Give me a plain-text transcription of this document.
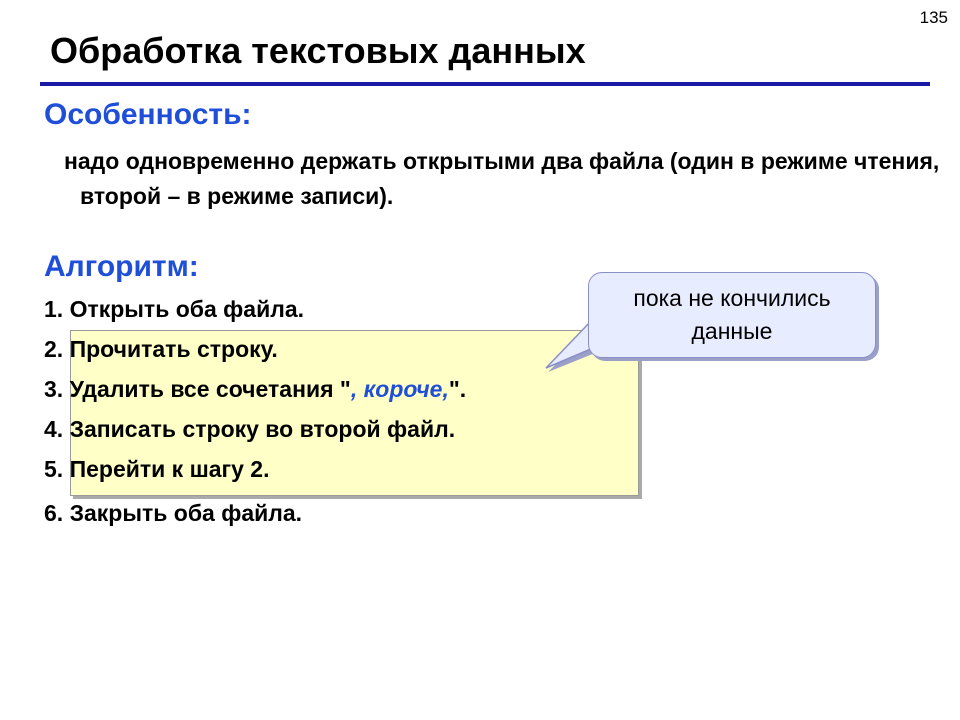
135
Обработка текстовых данных
Особенность:
надо одновременно держать открытыми два файла (один в режиме чтения, второй – в режиме записи).
Алгоритм:
1. Открыть оба файла.
2. Прочитать строку.
3. Удалить все сочетания ", короче,".
4. Записать строку во второй файл.
5. Перейти к шагу 2.
6. Закрыть оба файла.
пока не кончились
данные
